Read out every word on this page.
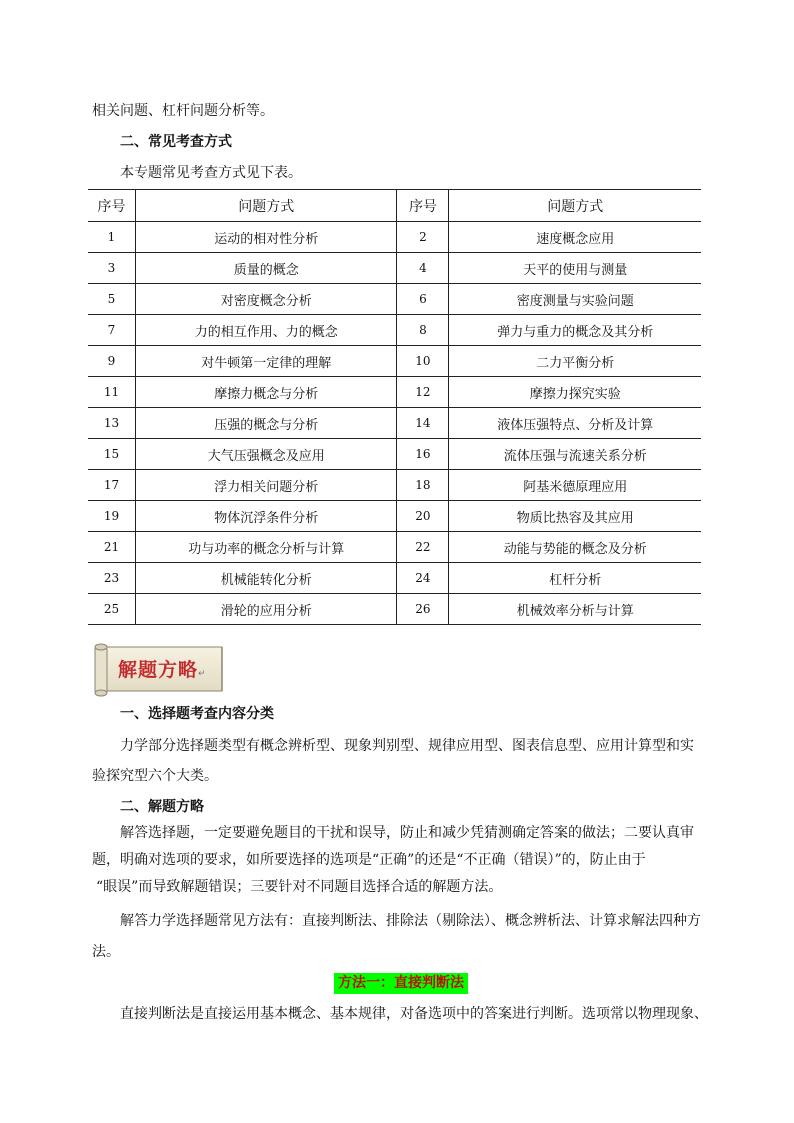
相关问题、杠杆问题分析等。
二、常见考查方式
本专题常见考查方式见下表。
序号	问题方式	序号	问题方式
1	运动的相对性分析	2	速度概念应用
3	质量的概念	4	天平的使用与测量
5	对密度概念分析	6	密度测量与实验问题
7	力的相互作用、力的概念	8	弹力与重力的概念及其分析
9	对牛顿第一定律的理解	10	二力平衡分析
11	摩擦力概念与分析	12	摩擦力探究实验
13	压强的概念与分析	14	液体压强特点、分析及计算
15	大气压强概念及应用	16	流体压强与流速关系分析
17	浮力相关问题分析	18	阿基米德原理应用
19	物体沉浮条件分析	20	物质比热容及其应用
21	功与功率的概念分析与计算	22	动能与势能的概念及分析
23	机械能转化分析	24	杠杆分析
25	滑轮的应用分析	26	机械效率分析与计算
解题方略↵
一、选择题考查内容分类
力学部分选择题类型有概念辨析型、现象判别型、规律应用型、图表信息型、应用计算型和实
验探究型六个大类。
二、解题方略
解答选择题，一定要避免题目的干扰和误导，防止和减少凭猜测确定答案的做法；二要认真审
题，明确对选项的要求，如所要选择的选项是“正确”的还是“不正确（错误）”的，防止由于
“眼误”而导致解题错误；三要针对不同题目选择合适的解题方法。
解答力学选择题常见方法有：直接判断法、排除法（剔除法）、概念辨析法、计算求解法四种方
法。
方法一：直接判断法
直接判断法是直接运用基本概念、基本规律，对备选项中的答案进行判断。选项常以物理现象、
